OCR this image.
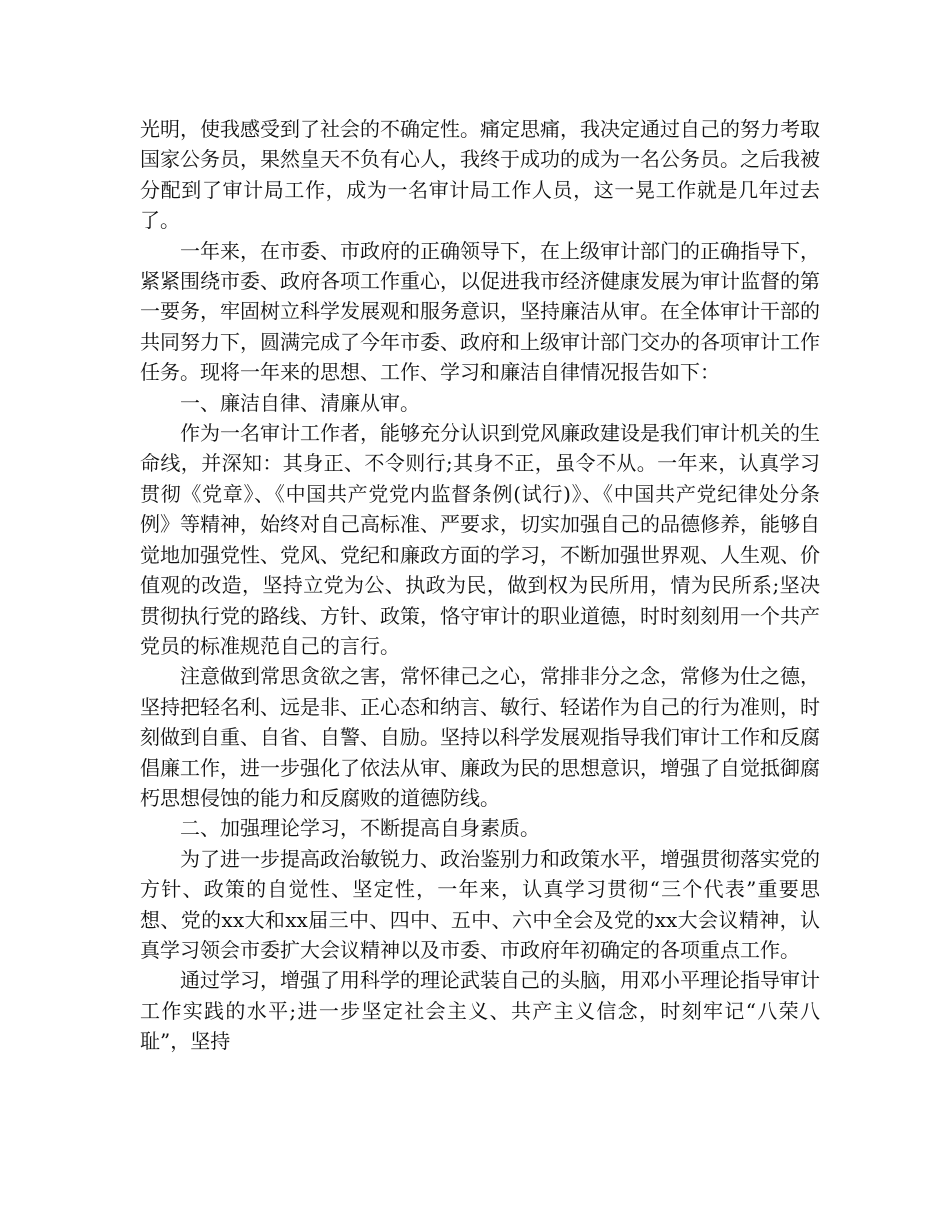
光明，使我感受到了社会的不确定性。痛定思痛，我决定通过自己的努力考取国家公务员，果然皇天不负有心人，我终于成功的成为一名公务员。之后我被分配到了审计局工作，成为一名审计局工作人员，这一晃工作就是几年过去了。

一年来，在市委、市政府的正确领导下，在上级审计部门的正确指导下，紧紧围绕市委、政府各项工作重心，以促进我市经济健康发展为审计监督的第一要务，牢固树立科学发展观和服务意识，坚持廉洁从审。在全体审计干部的共同努力下，圆满完成了今年市委、政府和上级审计部门交办的各项审计工作任务。现将一年来的思想、工作、学习和廉洁自律情况报告如下：

一、廉洁自律、清廉从审。

作为一名审计工作者，能够充分认识到党风廉政建设是我们审计机关的生命线，并深知：其身正、不令则行;其身不正，虽令不从。一年来，认真学习贯彻《党章》、《中国共产党党内监督条例(试行)》、《中国共产党纪律处分条例》等精神，始终对自己高标准、严要求，切实加强自己的品德修养，能够自觉地加强党性、党风、党纪和廉政方面的学习，不断加强世界观、人生观、价值观的改造，坚持立党为公、执政为民，做到权为民所用，情为民所系;坚决贯彻执行党的路线、方针、政策，恪守审计的职业道德，时时刻刻用一个共产党员的标准规范自己的言行。

注意做到常思贪欲之害，常怀律己之心，常排非分之念，常修为仕之德，坚持把轻名利、远是非、正心态和纳言、敏行、轻诺作为自己的行为准则，时刻做到自重、自省、自警、自励。坚持以科学发展观指导我们审计工作和反腐倡廉工作，进一步强化了依法从审、廉政为民的思想意识，增强了自觉抵御腐朽思想侵蚀的能力和反腐败的道德防线。

二、加强理论学习，不断提高自身素质。

为了进一步提高政治敏锐力、政治鉴别力和政策水平，增强贯彻落实党的方针、政策的自觉性、坚定性，一年来，认真学习贯彻“三个代表”重要思想、党的xx大和xx届三中、四中、五中、六中全会及党的xx大会议精神，认真学习领会市委扩大会议精神以及市委、市政府年初确定的各项重点工作。

通过学习，增强了用科学的理论武装自己的头脑，用邓小平理论指导审计工作实践的水平;进一步坚定社会主义、共产主义信念，时刻牢记“八荣八耻”，坚持
